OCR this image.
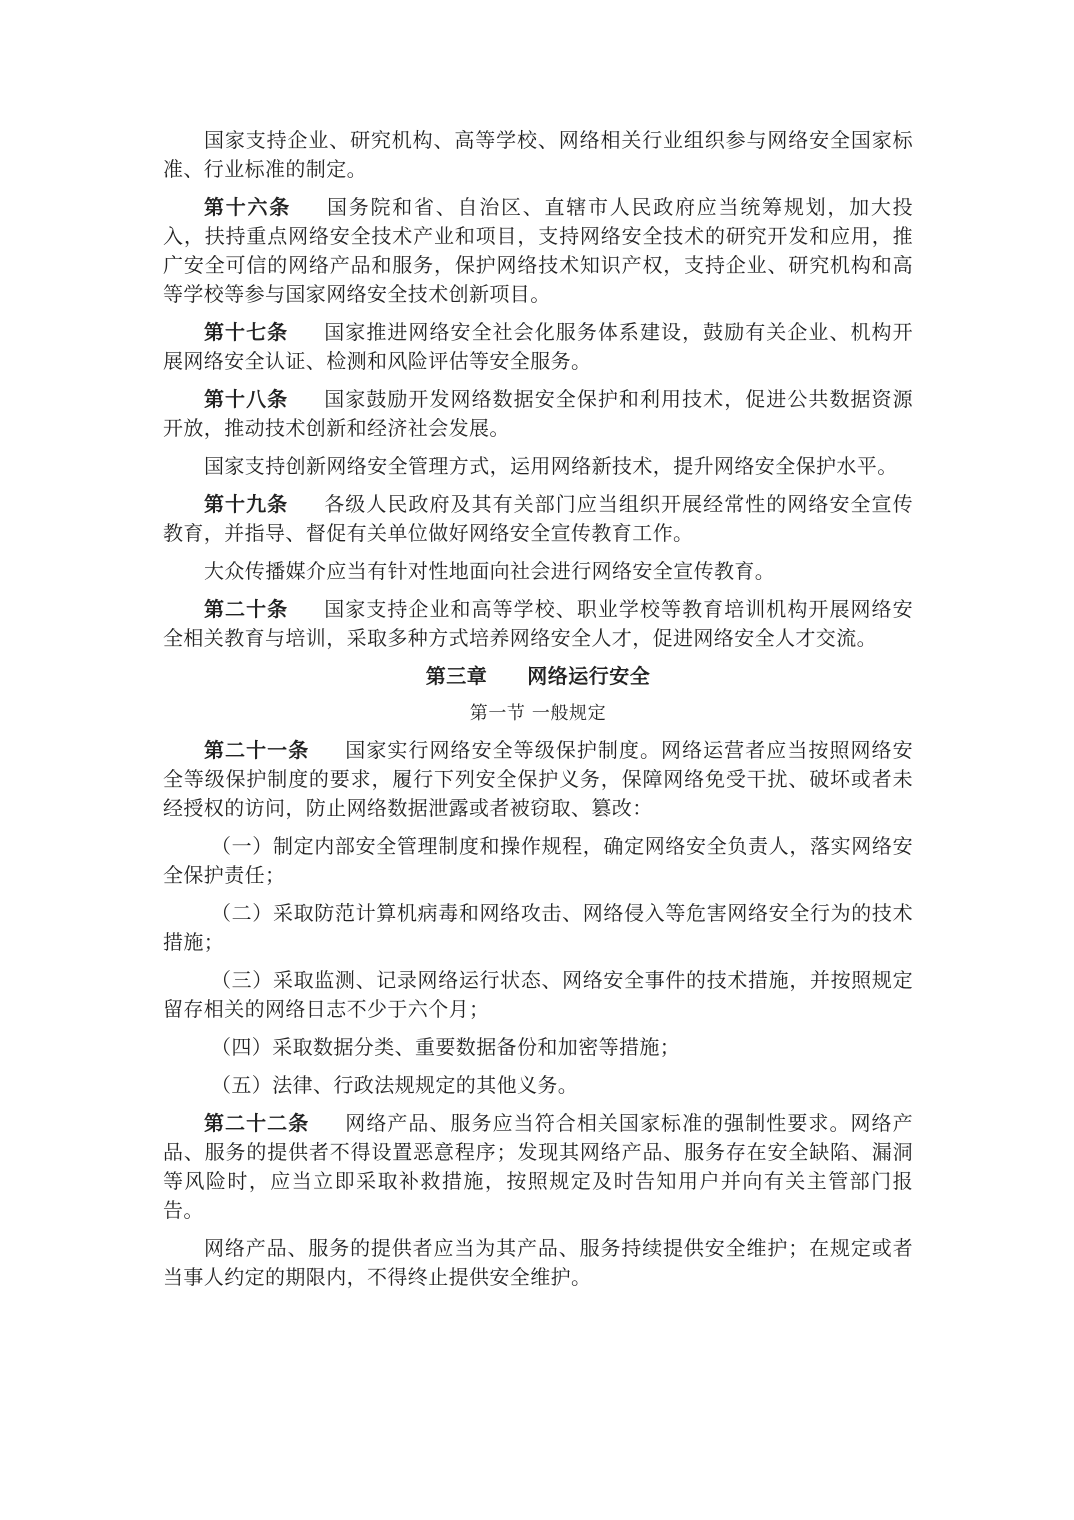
国家支持企业、研究机构、高等学校、网络相关行业组织参与网络安全国家标准、行业标准的制定。

第十六条 国务院和省、自治区、直辖市人民政府应当统筹规划，加大投入，扶持重点网络安全技术产业和项目，支持网络安全技术的研究开发和应用，推广安全可信的网络产品和服务，保护网络技术知识产权，支持企业、研究机构和高等学校等参与国家网络安全技术创新项目。

第十七条 国家推进网络安全社会化服务体系建设，鼓励有关企业、机构开展网络安全认证、检测和风险评估等安全服务。

第十八条 国家鼓励开发网络数据安全保护和利用技术，促进公共数据资源开放，推动技术创新和经济社会发展。

国家支持创新网络安全管理方式，运用网络新技术，提升网络安全保护水平。

第十九条 各级人民政府及其有关部门应当组织开展经常性的网络安全宣传教育，并指导、督促有关单位做好网络安全宣传教育工作。

大众传播媒介应当有针对性地面向社会进行网络安全宣传教育。

第二十条 国家支持企业和高等学校、职业学校等教育培训机构开展网络安全相关教育与培训，采取多种方式培养网络安全人才，促进网络安全人才交流。

第三章 网络运行安全
第一节 一般规定

第二十一条 国家实行网络安全等级保护制度。网络运营者应当按照网络安全等级保护制度的要求，履行下列安全保护义务，保障网络免受干扰、破坏或者未经授权的访问，防止网络数据泄露或者被窃取、篡改：

（一）制定内部安全管理制度和操作规程，确定网络安全负责人，落实网络安全保护责任；

（二）采取防范计算机病毒和网络攻击、网络侵入等危害网络安全行为的技术措施；

（三）采取监测、记录网络运行状态、网络安全事件的技术措施，并按照规定留存相关的网络日志不少于六个月；

（四）采取数据分类、重要数据备份和加密等措施；

（五）法律、行政法规规定的其他义务。

第二十二条 网络产品、服务应当符合相关国家标准的强制性要求。网络产品、服务的提供者不得设置恶意程序；发现其网络产品、服务存在安全缺陷、漏洞等风险时，应当立即采取补救措施，按照规定及时告知用户并向有关主管部门报告。

网络产品、服务的提供者应当为其产品、服务持续提供安全维护；在规定或者当事人约定的期限内，不得终止提供安全维护。
